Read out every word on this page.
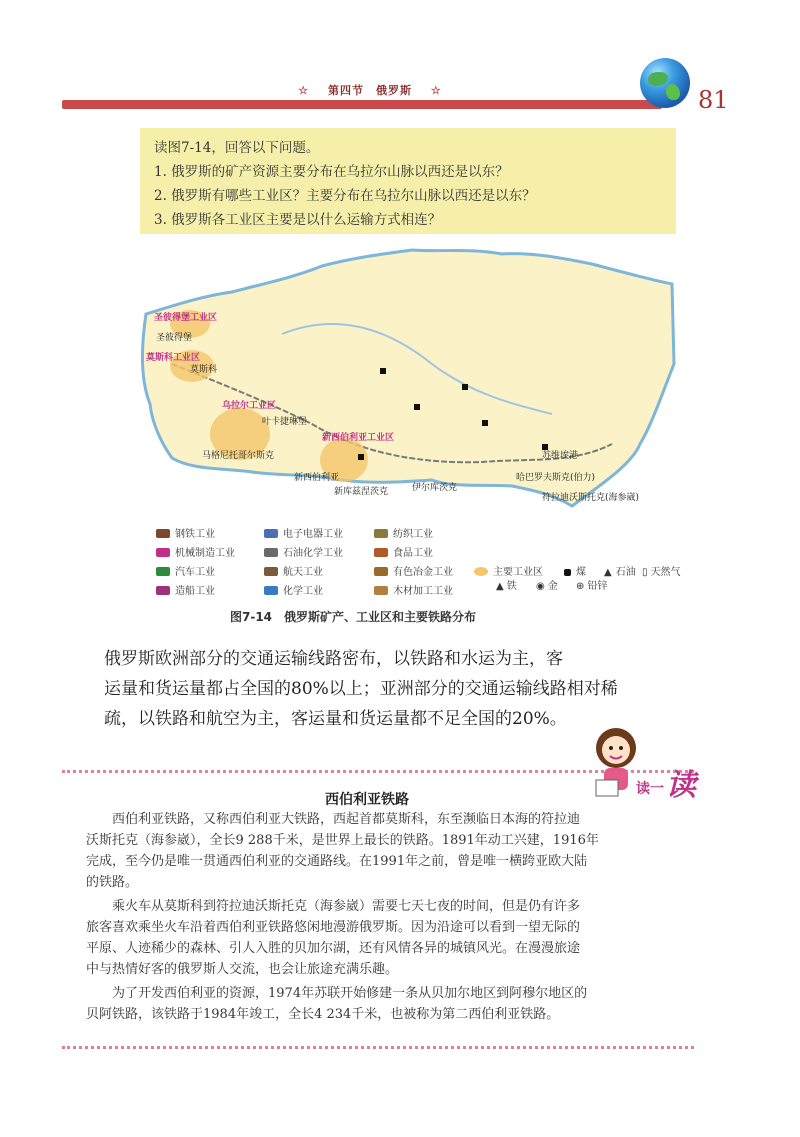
☆ 第四节　俄罗斯 ☆	81
读图7-14，回答以下问题。
1. 俄罗斯的矿产资源主要分布在乌拉尔山脉以西还是以东？
2. 俄罗斯有哪些工业区？主要分布在乌拉尔山脉以西还是以东？
3. 俄罗斯各工业区主要是以什么运输方式相连？
圣彼得堡工业区
莫斯科工业区
乌拉尔工业区
新西伯利亚工业区
圣彼得堡
莫斯科
叶卡捷琳堡
马格尼托哥尔斯克
新西伯利亚
新库兹涅茨克	伊尔库茨克
苏维埃港
哈巴罗夫斯克(伯力)
符拉迪沃斯托克(海参崴)
钢铁工业	电子电器工业	纺织工业
机械制造工业	石油化学工业	食品工业
汽车工业	航天工业	有色冶金工业	主要工业区	煤 ▲ 石油 ▯ 天然气
造船工业	化学工业	木材加工工业	▲ 铁 ◉ 金 ⊕ 铅锌
图7-14　俄罗斯矿产、工业区和主要铁路分布
俄罗斯欧洲部分的交通运输线路密布，以铁路和水运为主，客
运量和货运量都占全国的80%以上；亚洲部分的交通运输线路相对稀
疏，以铁路和航空为主，客运量和货运量都不足全国的20%。
读一 读
西伯利亚铁路
　　西伯利亚铁路，又称西伯利亚大铁路，西起首都莫斯科，东至濒临日本海的符拉迪
沃斯托克（海参崴），全长9 288千米，是世界上最长的铁路。1891年动工兴建，1916年
完成，至今仍是唯一贯通西伯利亚的交通路线。在1991年之前，曾是唯一横跨亚欧大陆
的铁路。
　　乘火车从莫斯科到符拉迪沃斯托克（海参崴）需要七天七夜的时间，但是仍有许多
旅客喜欢乘坐火车沿着西伯利亚铁路悠闲地漫游俄罗斯。因为沿途可以看到一望无际的
平原、人迹稀少的森林、引人入胜的贝加尔湖，还有风情各异的城镇风光。在漫漫旅途
中与热情好客的俄罗斯人交流，也会让旅途充满乐趣。
　　为了开发西伯利亚的资源，1974年苏联开始修建一条从贝加尔地区到阿穆尔地区的
贝阿铁路，该铁路于1984年竣工，全长4 234千米，也被称为第二西伯利亚铁路。
